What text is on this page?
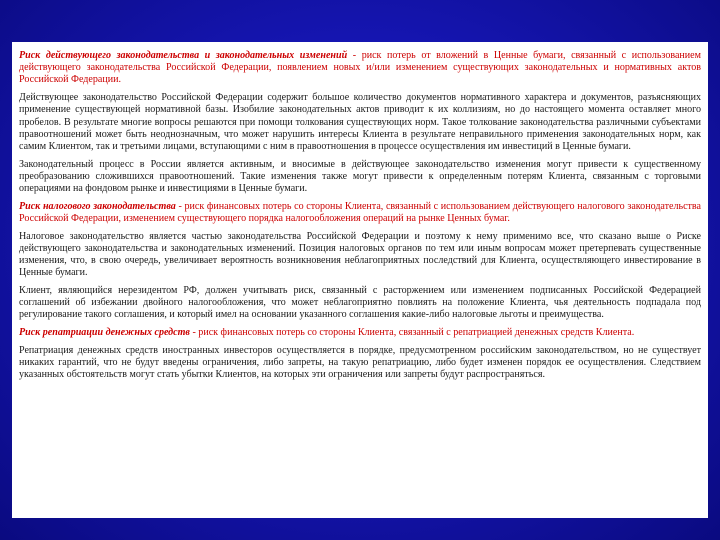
Риск действующего законодательства и законодательных изменений - риск потерь от вложений в Ценные бумаги, связанный с использованием действующего законодательства Российской Федерации, появлением новых и/или изменением существующих законодательных и нормативных актов Российской Федерации.

Действующее законодательство Российской Федерации содержит большое количество документов нормативного характера и документов, разъясняющих применение существующей нормативной базы. Изобилие законодательных актов приводит к их коллизиям, но до настоящего момента оставляет много пробелов. В результате многие вопросы решаются при помощи толкования существующих норм. Такое толкование законодательства различными субъектами правоотношений может быть неоднозначным, что может нарушить интересы Клиента в результате неправильного применения законодательных норм, как самим Клиентом, так и третьими лицами, вступающими с ним в правоотношения в процессе осуществления им инвестиций в Ценные бумаги.

Законодательный процесс в России является активным, и вносимые в действующее законодательство изменения могут привести к существенному преобразованию сложившихся правоотношений. Такие изменения также могут привести к определенным потерям Клиента, связанным с торговыми операциями на фондовом рынке и инвестициями в Ценные бумаги.

Риск налогового законодательства - риск финансовых потерь со стороны Клиента, связанный с использованием действующего налогового законодательства Российской Федерации, изменением существующего порядка налогообложения операций на рынке Ценных бумаг.

Налоговое законодательство является частью законодательства Российской Федерации и поэтому к нему применимо все, что сказано выше о Риске действующего законодательства и законодательных изменений. Позиция налоговых органов по тем или иным вопросам может претерпевать существенные изменения, что, в свою очередь, увеличивает вероятность возникновения неблагоприятных последствий для Клиента, осуществляющего инвестирование в Ценные бумаги.

Клиент, являющийся нерезидентом РФ, должен учитывать риск, связанный с расторжением или изменением подписанных Российской Федерацией соглашений об избежании двойного налогообложения, что может неблагоприятно повлиять на положение Клиента, чья деятельность подпадала под регулирование такого соглашения, и который имел на основании указанного соглашения какие-либо налоговые льготы и преимущества.

Риск репатриации денежных средств - риск финансовых потерь со стороны Клиента, связанный с репатриацией денежных средств Клиента.

Репатриация денежных средств иностранных инвесторов осуществляется в порядке, предусмотренном российским законодательством, но не существует никаких гарантий, что не будут введены ограничения, либо запреты, на такую репатриацию, либо будет изменен порядок ее осуществления. Следствием указанных обстоятельств могут стать убытки Клиентов, на которых эти ограничения или запреты будут распространяться.
